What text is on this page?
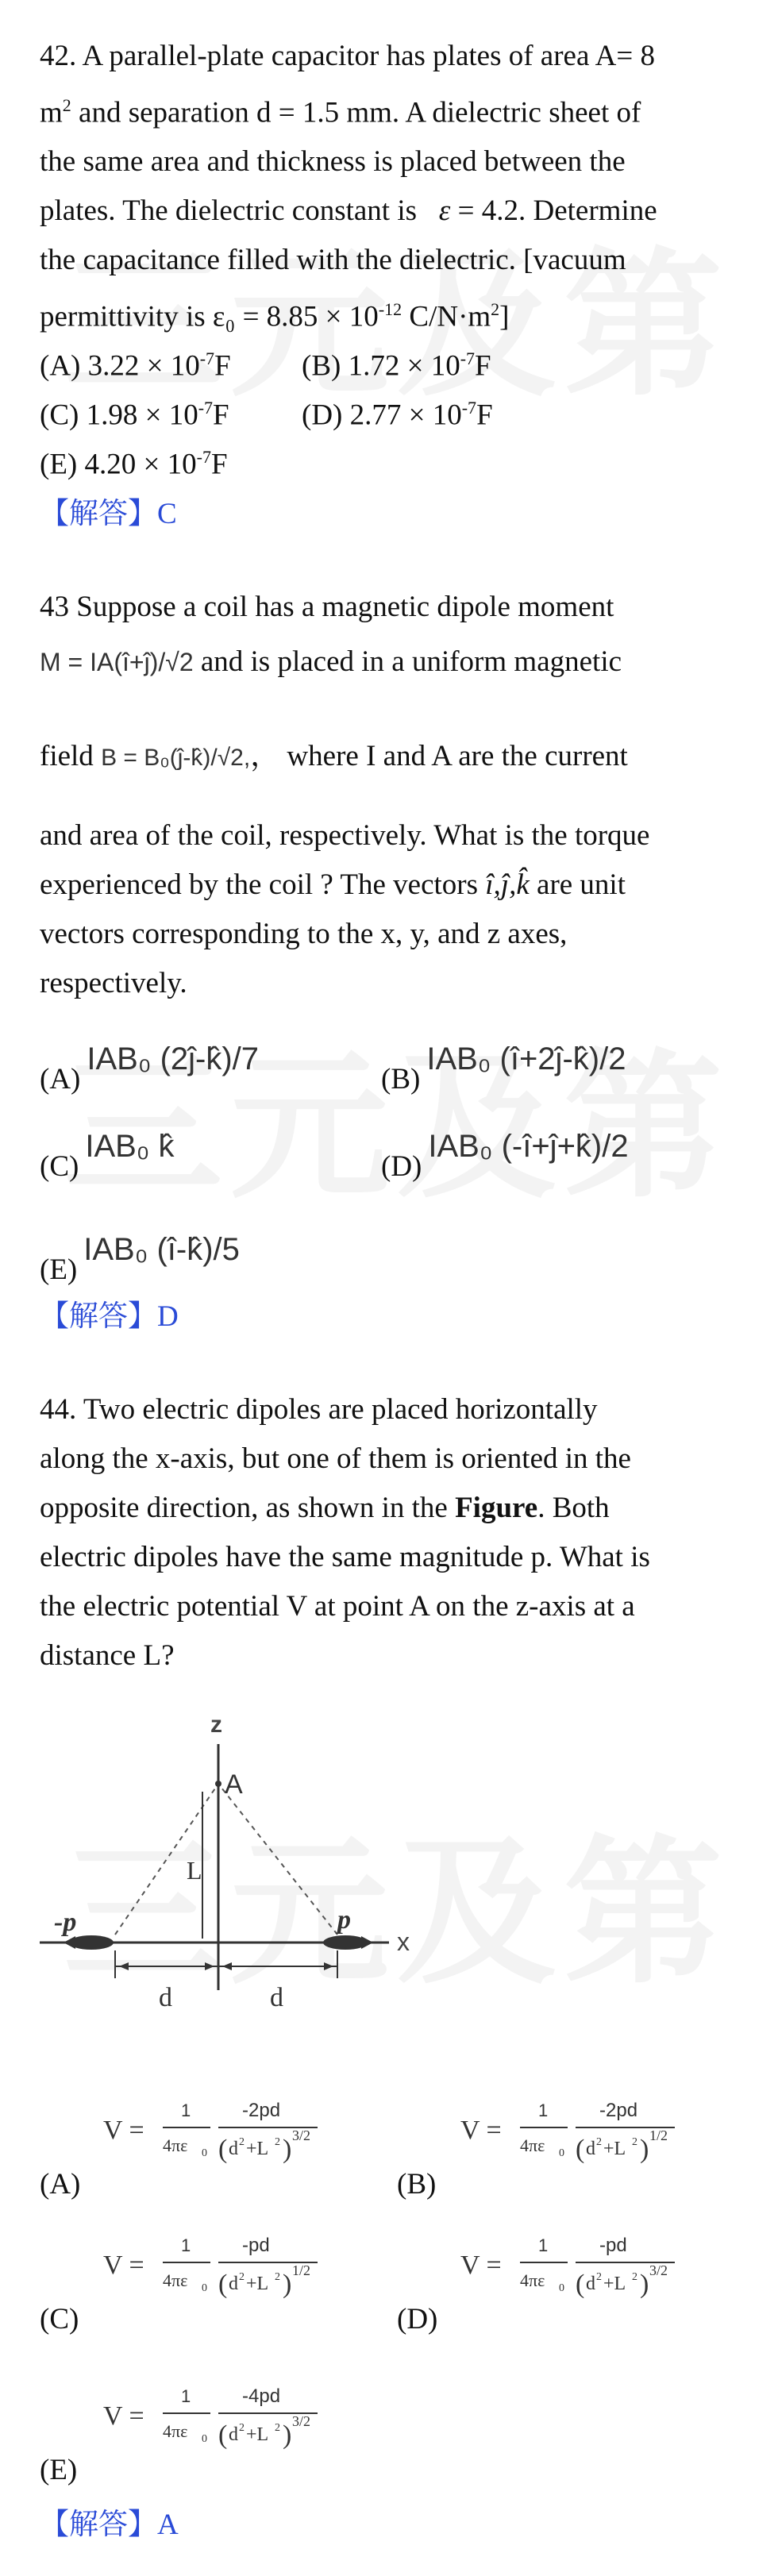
42. A parallel-plate capacitor has plates of area A= 8

$m^2$ and separation d = 1.5 mm. A dielectric sheet of

the same area and thickness is placed between the

plates. The dielectric constant is ε = 4.2. Determine

the capacitance filled with the dielectric. [vacuum

permittivity is $\varepsilon_0 = 8.85 \times 10^{-12}$ $C/N\cdot m^2$]

(A) $3.22 \times 10^{-7}F$	(B) $1.72 \times 10^{-7}F$
(C) $1.98 \times 10^{-7}F$	(D) $2.77 \times 10^{-7}F$
(E) $4.20 \times 10^{-7}F$

【解答】C

43 Suppose a coil has a magnetic dipole moment

M = IA(î+ĵ)/√2 and is placed in a uniform magnetic

field B = B₀(ĵ-k̂)/√2,， where I and A are the current

and area of the coil, respectively. What is the torque

experienced by the coil ? The vectors î,ĵ,k̂ are unit

vectors corresponding to the x, y, and z axes,

respectively.

(A)
IAB₀ (2ĵ-k̂)/7
(B)
IAB₀ (î+2ĵ-k̂)/2
(C)
IAB₀ k̂
(D)
IAB₀ (-î+ĵ+k̂)/2
(E)
IAB₀ (î-k̂)/5

【解答】D

44. Two electric dipoles are placed horizontally

along the x-axis, but one of them is oriented in the

opposite direction, as shown in the Figure. Both

electric dipoles have the same magnitude p. What is

the electric potential V at point A on the z-axis at a

distance L?

z
x
A
L
-p	p
d	d
(A)
V =
1
4πε 0
-2pd
( d 2 +L 2 ) 3/2
(B)
V =
1
4πε 0
-2pd
( d 2 +L 2 ) 1/2
(C)
V =
1
4πε 0
-pd
( d 2 +L 2 ) 1/2
(D)
V =
1
4πε 0
-pd
( d 2 +L 2 ) 3/2
(E)
V =
1
4πε 0
-4pd
( d 2 +L 2 ) 3/2

【解答】A
